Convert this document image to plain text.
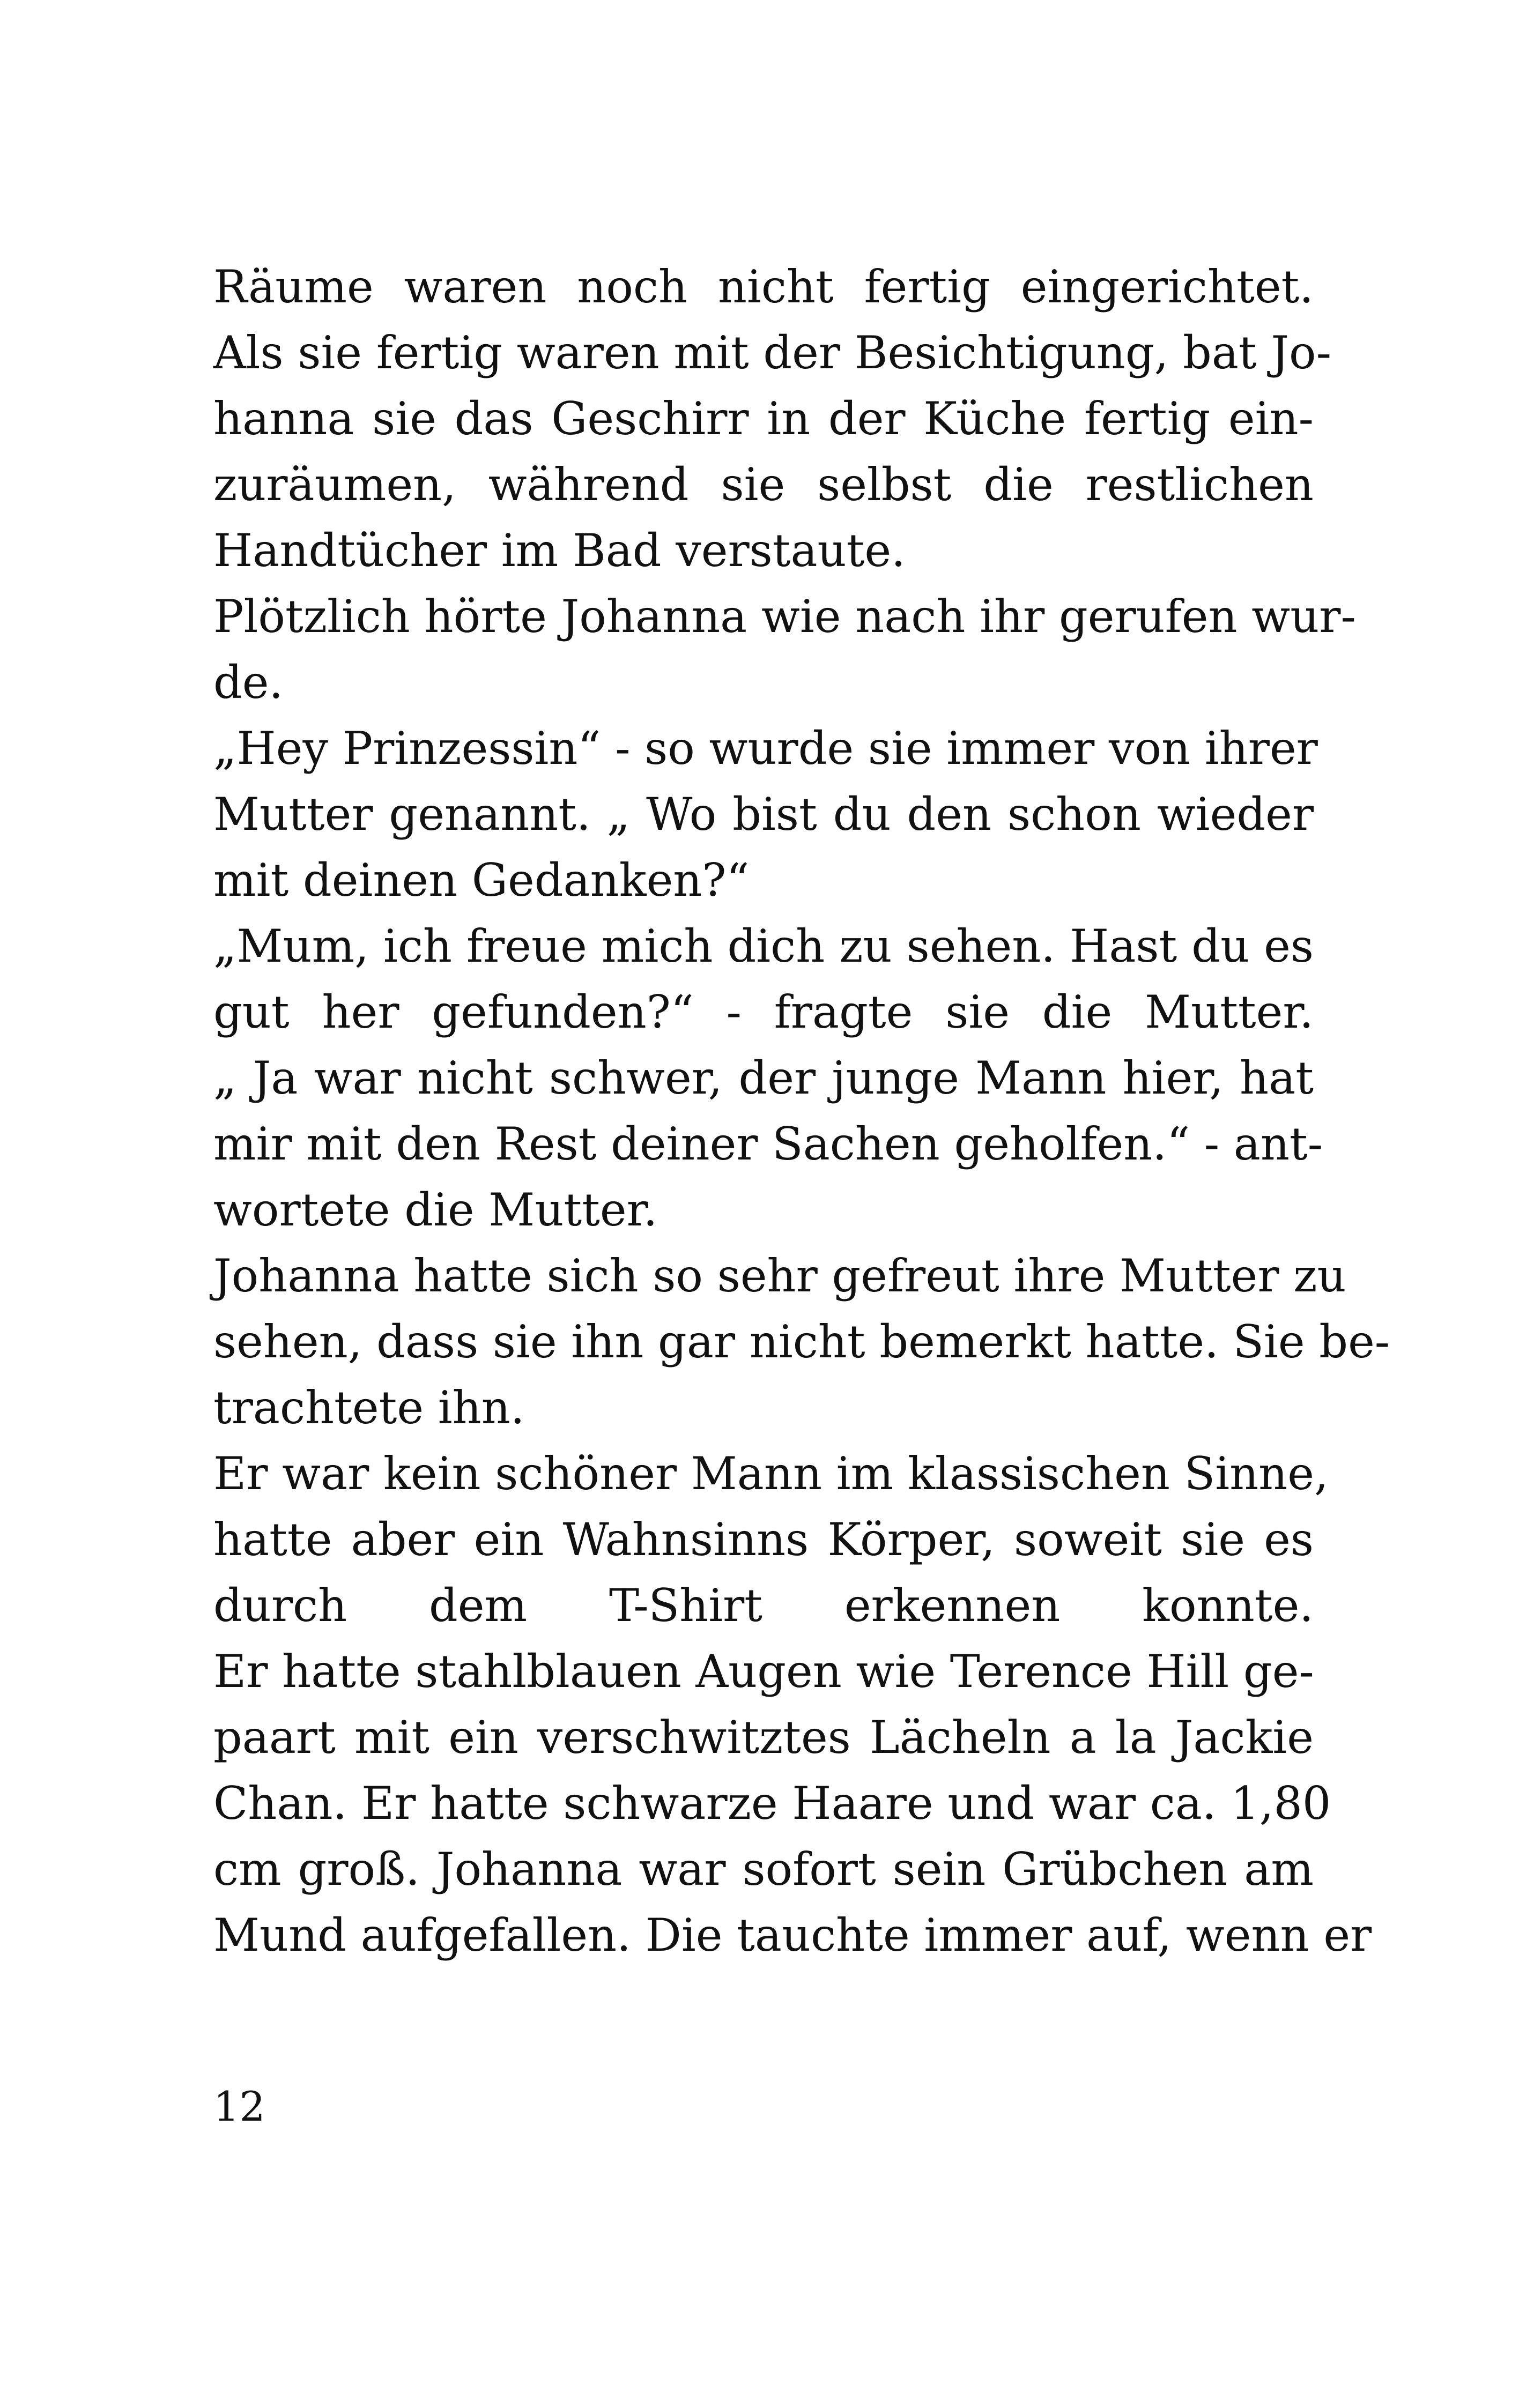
Räume waren noch nicht fertig eingerichtet.
Als sie fertig waren mit der Besichtigung, bat Jo-
hanna sie das Geschirr in der Küche fertig ein-
zuräumen, während sie selbst die restlichen
Handtücher im Bad verstaute.
Plötzlich hörte Johanna wie nach ihr gerufen wur-
de.
„Hey Prinzessin“ - so wurde sie immer von ihrer
Mutter genannt. „ Wo bist du den schon wieder
mit deinen Gedanken?“
„Mum, ich freue mich dich zu sehen. Hast du es
gut her gefunden?“ - fragte sie die Mutter.
„ Ja war nicht schwer, der junge Mann hier, hat
mir mit den Rest deiner Sachen geholfen.“ - ant-
wortete die Mutter.
Johanna hatte sich so sehr gefreut ihre Mutter zu
sehen, dass sie ihn gar nicht bemerkt hatte. Sie be-
trachtete ihn.
Er war kein schöner Mann im klassischen Sinne,
hatte aber ein Wahnsinns Körper, soweit sie es
durch dem T-Shirt erkennen konnte.
Er hatte stahlblauen Augen wie Terence Hill ge-
paart mit ein verschwitztes Lächeln a la Jackie
Chan. Er hatte schwarze Haare und war ca. 1,80
cm groß. Johanna war sofort sein Grübchen am
Mund aufgefallen. Die tauchte immer auf, wenn er
12
